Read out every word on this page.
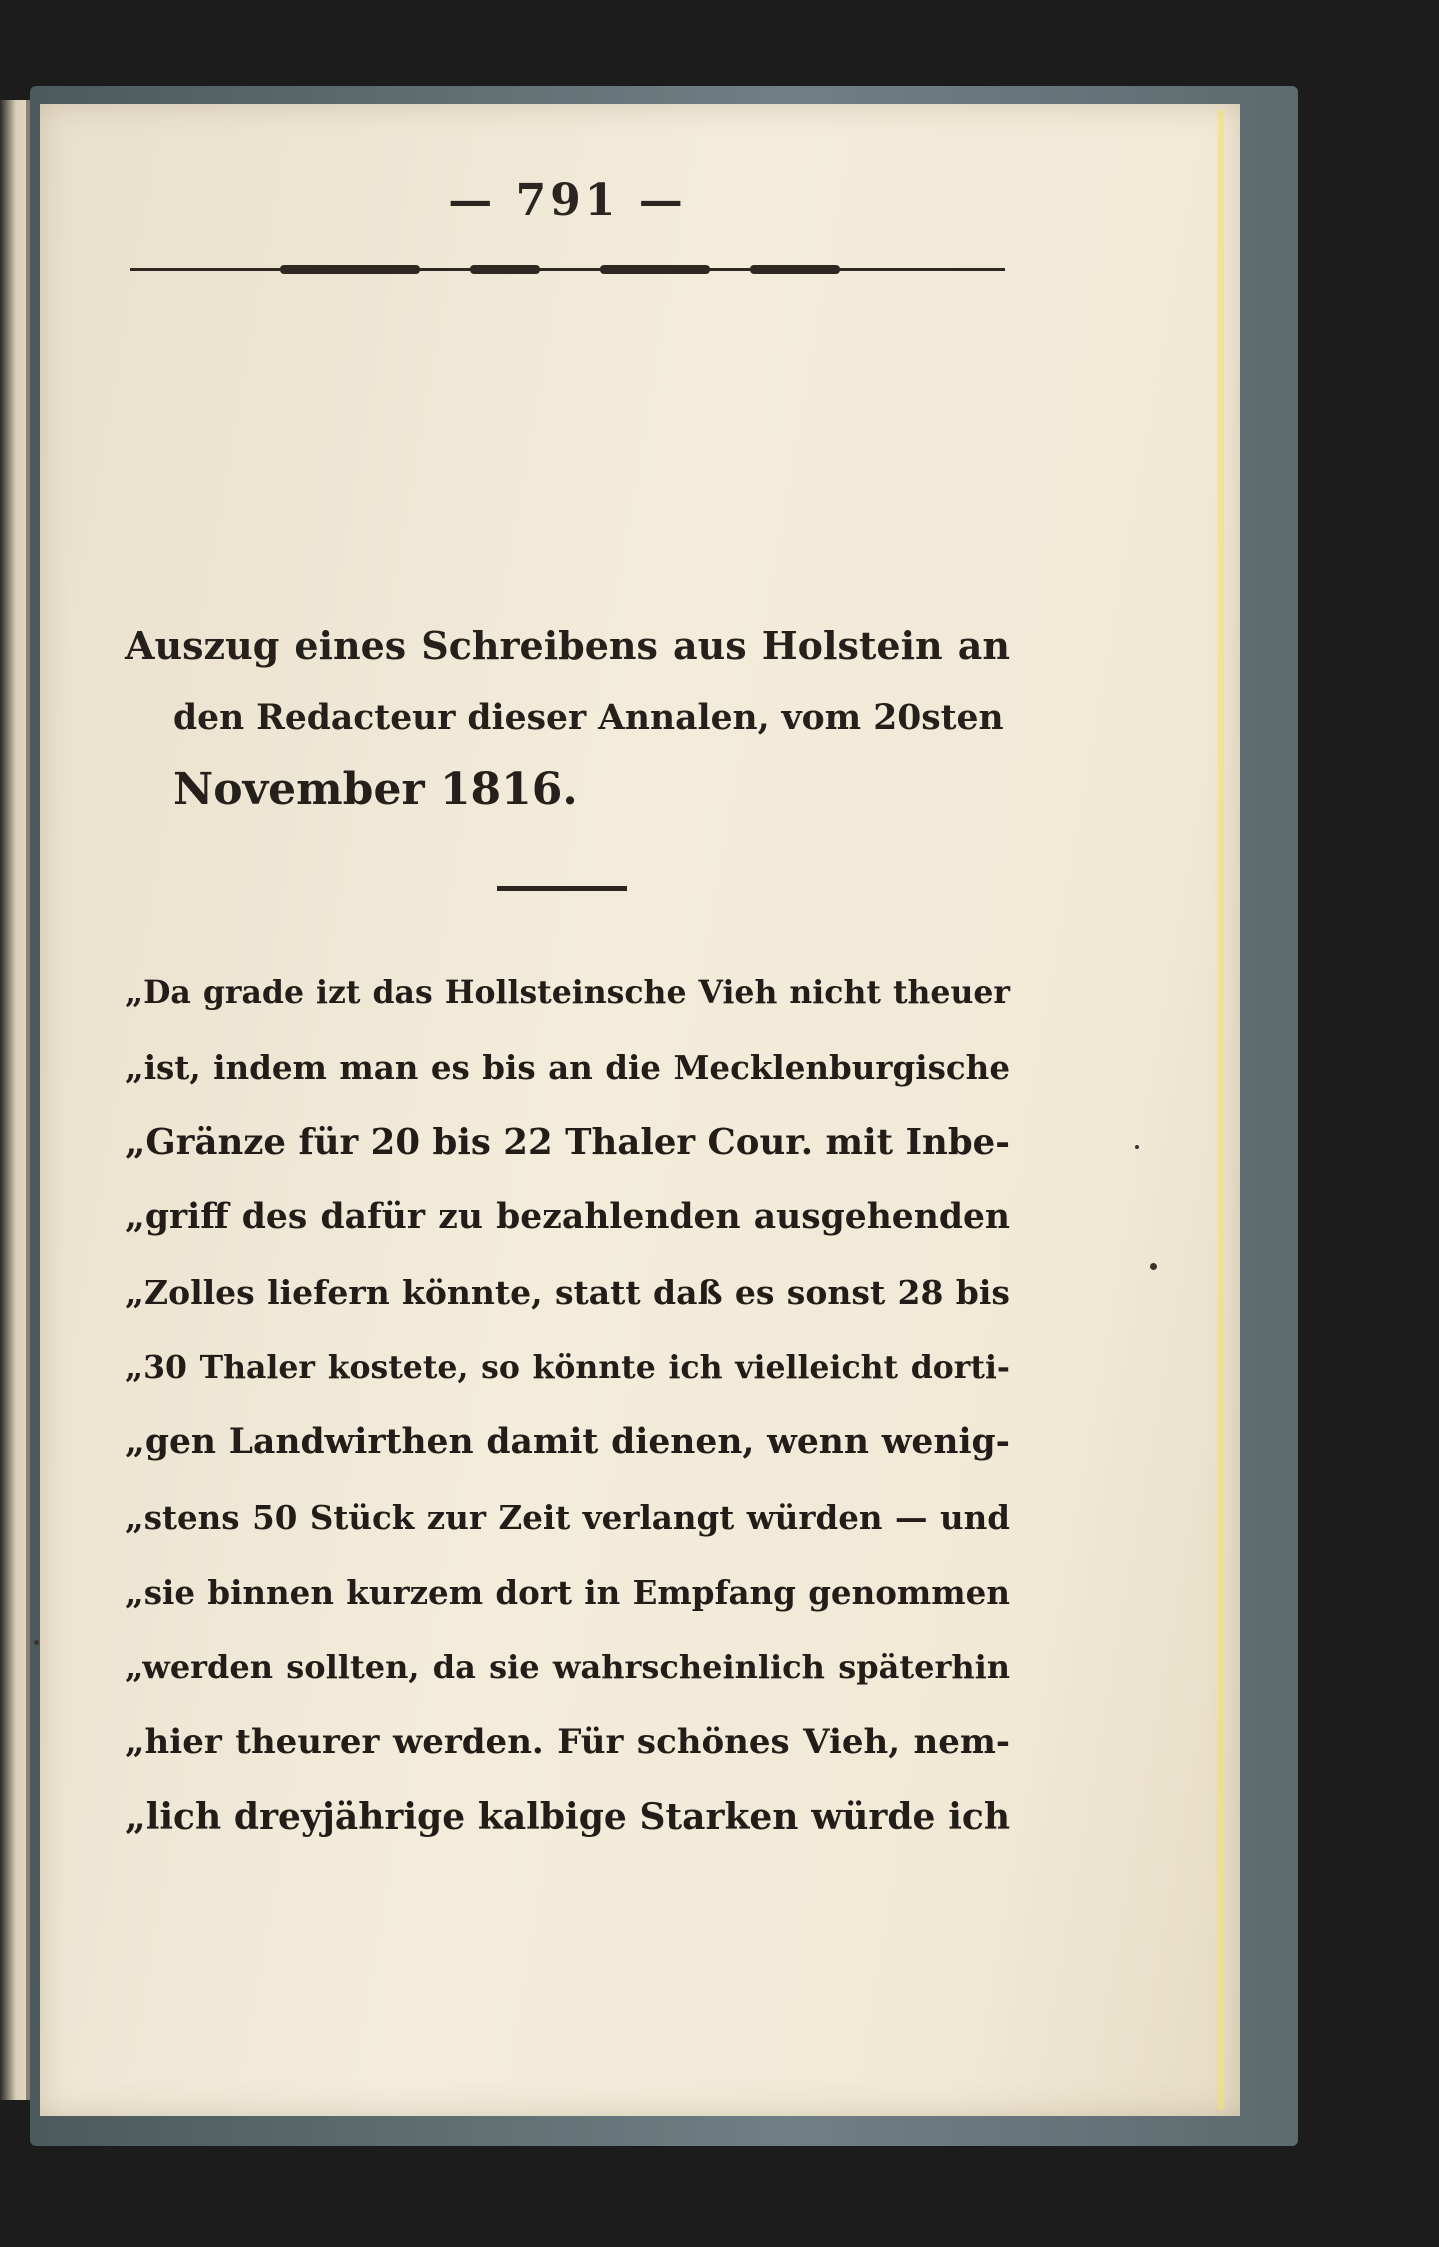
— 791 —
Auszug eines Schreibens aus Holstein an
den Redacteur dieser Annalen, vom 20sten
November 1816.
„Da grade izt das Hollsteinsche Vieh nicht theuer
„ist, indem man es bis an die Mecklenburgische
„Gränze für 20 bis 22 Thaler Cour. mit Inbe-
„griff des dafür zu bezahlenden ausgehenden
„Zolles liefern könnte, statt daß es sonst 28 bis
„30 Thaler kostete, so könnte ich vielleicht dorti-
„gen Landwirthen damit dienen, wenn wenig-
„stens 50 Stück zur Zeit verlangt würden — und
„sie binnen kurzem dort in Empfang genommen
„werden sollten, da sie wahrscheinlich späterhin
„hier theurer werden. Für schönes Vieh, nem-
„lich dreyjährige kalbige Starken würde ich
